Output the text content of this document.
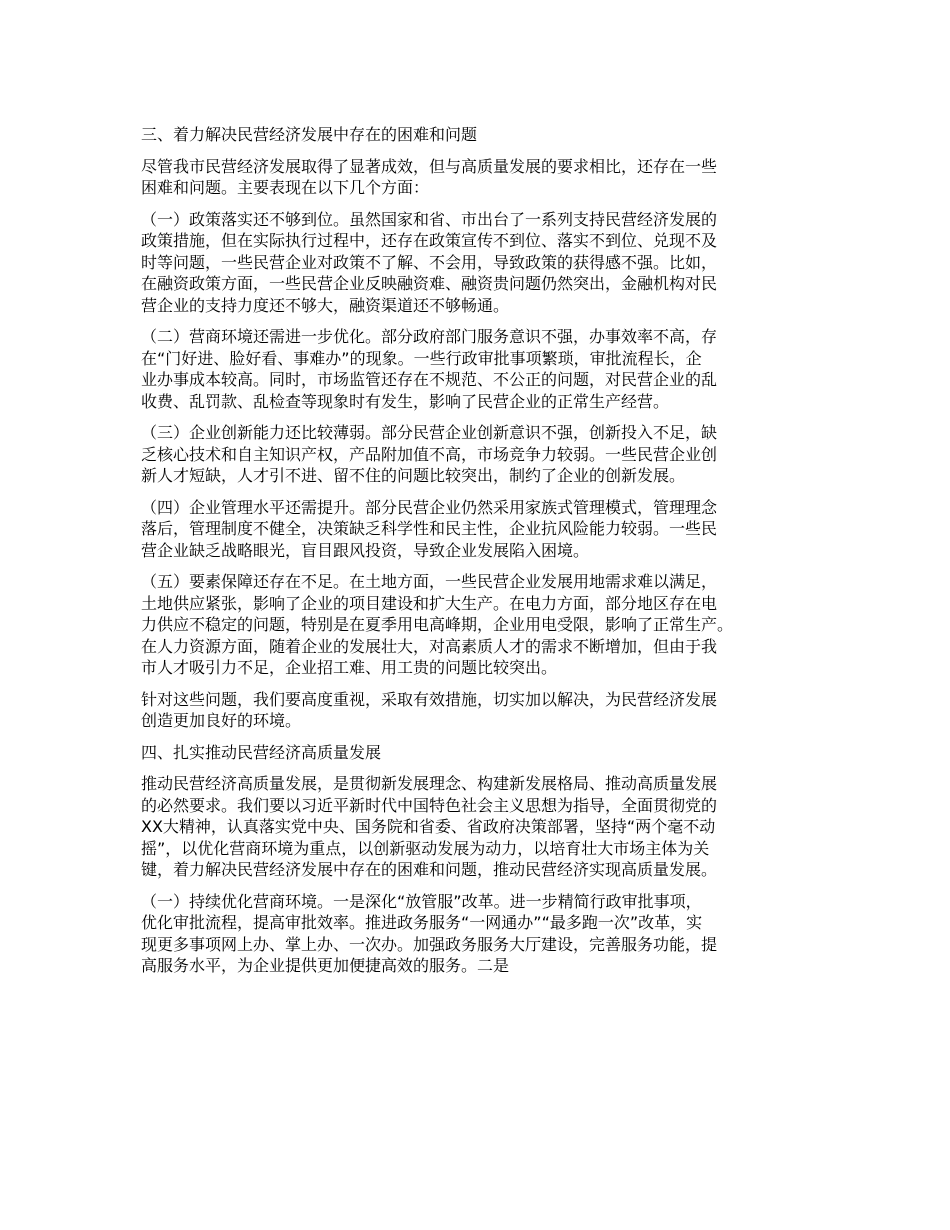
三、着力解决民营经济发展中存在的困难和问题

尽管我市民营经济发展取得了显著成效，但与高质量发展的要求相比，还存在一些
困难和问题。主要表现在以下几个方面：

（一）政策落实还不够到位。虽然国家和省、市出台了一系列支持民营经济发展的
政策措施，但在实际执行过程中，还存在政策宣传不到位、落实不到位、兑现不及
时等问题，一些民营企业对政策不了解、不会用，导致政策的获得感不强。比如，
在融资政策方面，一些民营企业反映融资难、融资贵问题仍然突出，金融机构对民
营企业的支持力度还不够大，融资渠道还不够畅通。

（二）营商环境还需进一步优化。部分政府部门服务意识不强，办事效率不高，存
在“门好进、脸好看、事难办”的现象。一些行政审批事项繁琐，审批流程长，企
业办事成本较高。同时，市场监管还存在不规范、不公正的问题，对民营企业的乱
收费、乱罚款、乱检查等现象时有发生，影响了民营企业的正常生产经营。

（三）企业创新能力还比较薄弱。部分民营企业创新意识不强，创新投入不足，缺
乏核心技术和自主知识产权，产品附加值不高，市场竞争力较弱。一些民营企业创
新人才短缺，人才引不进、留不住的问题比较突出，制约了企业的创新发展。

（四）企业管理水平还需提升。部分民营企业仍然采用家族式管理模式，管理理念
落后，管理制度不健全，决策缺乏科学性和民主性，企业抗风险能力较弱。一些民
营企业缺乏战略眼光，盲目跟风投资，导致企业发展陷入困境。

（五）要素保障还存在不足。在土地方面，一些民营企业发展用地需求难以满足，
土地供应紧张，影响了企业的项目建设和扩大生产。在电力方面，部分地区存在电
力供应不稳定的问题，特别是在夏季用电高峰期，企业用电受限，影响了正常生产。
在人力资源方面，随着企业的发展壮大，对高素质人才的需求不断增加，但由于我
市人才吸引力不足，企业招工难、用工贵的问题比较突出。

针对这些问题，我们要高度重视，采取有效措施，切实加以解决，为民营经济发展
创造更加良好的环境。

四、扎实推动民营经济高质量发展

推动民营经济高质量发展，是贯彻新发展理念、构建新发展格局、推动高质量发展
的必然要求。我们要以习近平新时代中国特色社会主义思想为指导，全面贯彻党的
XX大精神，认真落实党中央、国务院和省委、省政府决策部署，坚持“两个毫不动
摇”，以优化营商环境为重点，以创新驱动发展为动力，以培育壮大市场主体为关
键，着力解决民营经济发展中存在的困难和问题，推动民营经济实现高质量发展。

（一）持续优化营商环境。一是深化“放管服”改革。进一步精简行政审批事项，
优化审批流程，提高审批效率。推进政务服务“一网通办”“最多跑一次”改革，实
现更多事项网上办、掌上办、一次办。加强政务服务大厅建设，完善服务功能，提
高服务水平，为企业提供更加便捷高效的服务。二是
